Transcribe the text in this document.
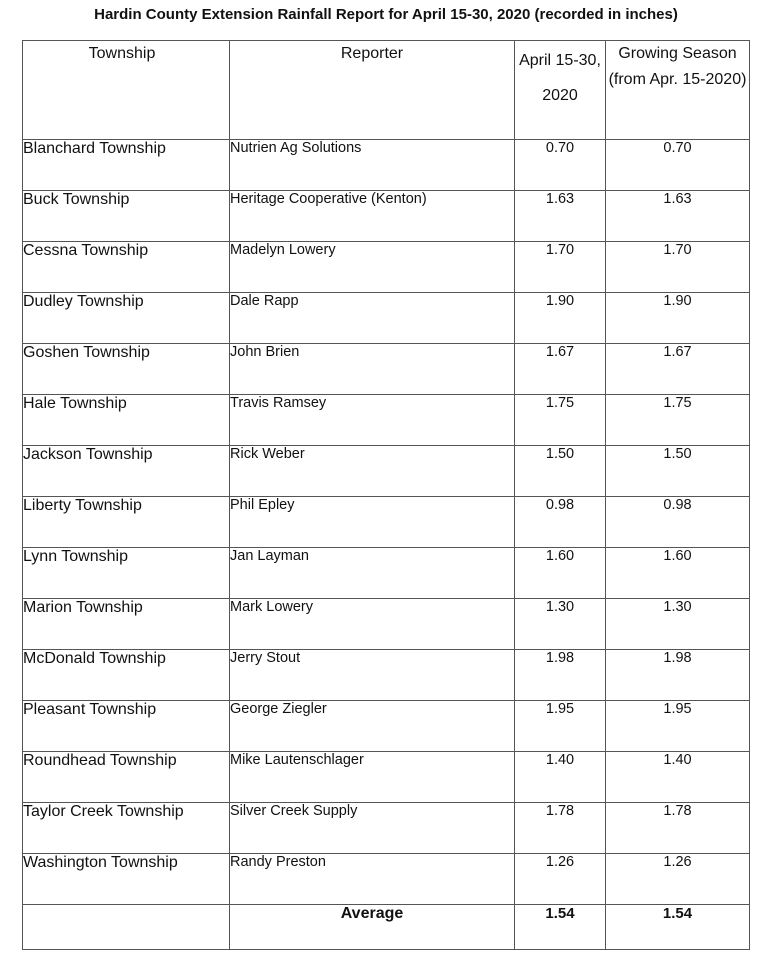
Hardin County Extension Rainfall Report for April 15-30, 2020 (recorded in inches)
Township	Reporter	April 15-30, 2020	Growing Season (from Apr. 15-2020)
Blanchard Township	Nutrien Ag Solutions	0.70	0.70
Buck Township	Heritage Cooperative (Kenton)	1.63	1.63
Cessna Township	Madelyn Lowery	1.70	1.70
Dudley Township	Dale Rapp	1.90	1.90
Goshen Township	John Brien	1.67	1.67
Hale Township	Travis Ramsey	1.75	1.75
Jackson Township	Rick Weber	1.50	1.50
Liberty Township	Phil Epley	0.98	0.98
Lynn Township	Jan Layman	1.60	1.60
Marion Township	Mark Lowery	1.30	1.30
McDonald Township	Jerry Stout	1.98	1.98
Pleasant Township	George Ziegler	1.95	1.95
Roundhead Township	Mike Lautenschlager	1.40	1.40
Taylor Creek Township	Silver Creek Supply	1.78	1.78
Washington Township	Randy Preston	1.26	1.26
	Average	1.54	1.54
